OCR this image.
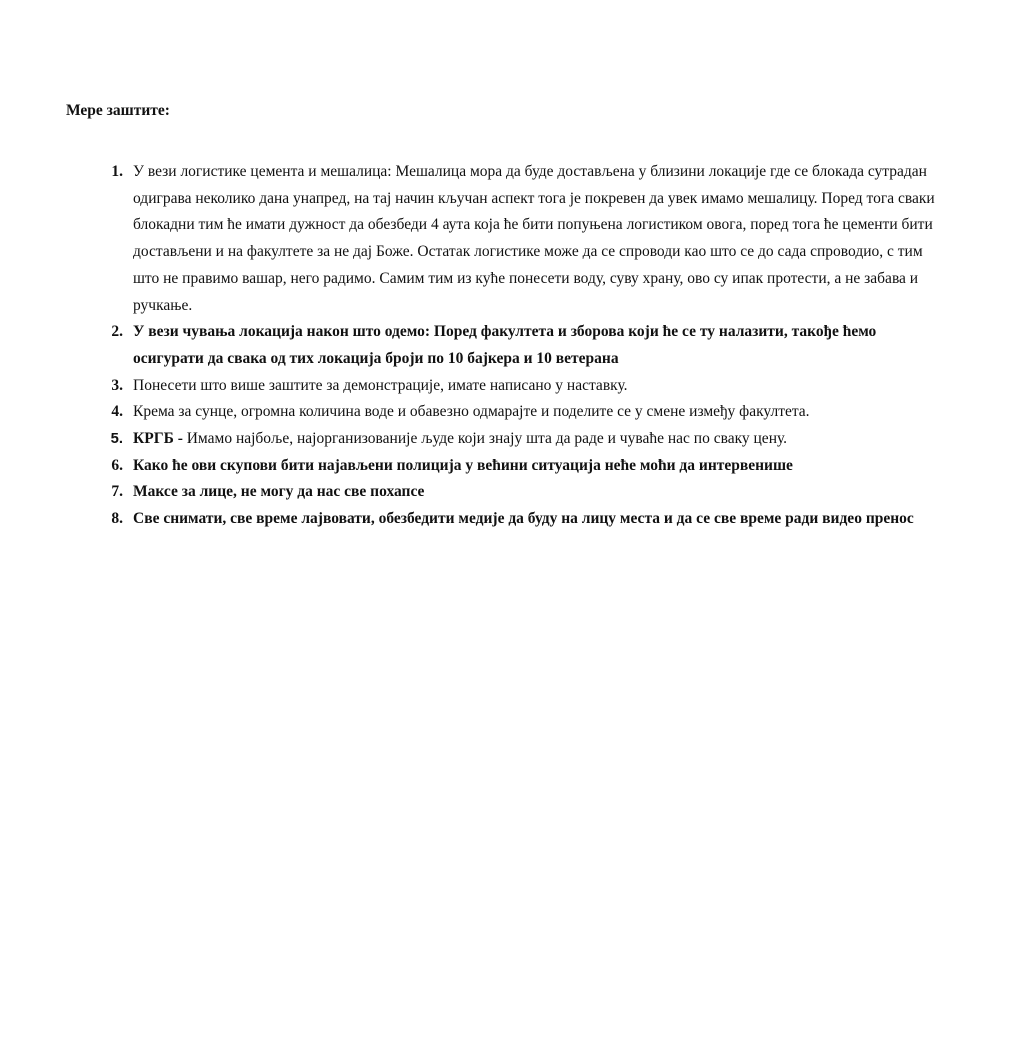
Мере заштите:
1. У вези логистике цемента и мешалица: Мешалица мора да буде достављена у близини локације где се блокада сутрадан одиграва неколико дана унапред, на тај начин кључан аспект тога је покревен да увек имамо мешалицу. Поред тога сваки блокадни тим ће имати дужност да обезбеди 4 аута која ће бити попуњена логистиком овога, поред тога ће цементи бити достављени и на факултете за не дај Боже. Остатак логистике може да се спроводи као што се до сада спроводио, с тим што не правимо вашар, него радимо. Самим тим из куће понесети воду, суву храну, ово су ипак протести, а не забава и ручкање.
2. У вези чувања локација након што одемо: Поред факултета и зборова који ће се ту налазити, такође ћемо осигурати да свака од тих локација броји по 10 бајкера и 10 ветерана
3. Понесети што више заштите за демонстрације, имате написано у наставку.
4. Крема за сунце, огромна количина воде и обавезно одмарајте и поделите се у смене између факултета.
5. КРГБ - Имамо најбоље, најорганизованије људе који знају шта да раде и чуваће нас по сваку цену.
6. Како ће ови скупови бити најављени полиција у већини ситуација неће моћи да интервенише
7. Максе за лице, не могу да нас све похапсе
8. Све снимати, све време лајвовати, обезбедити медије да буду на лицу места и да се све време ради видео пренос
